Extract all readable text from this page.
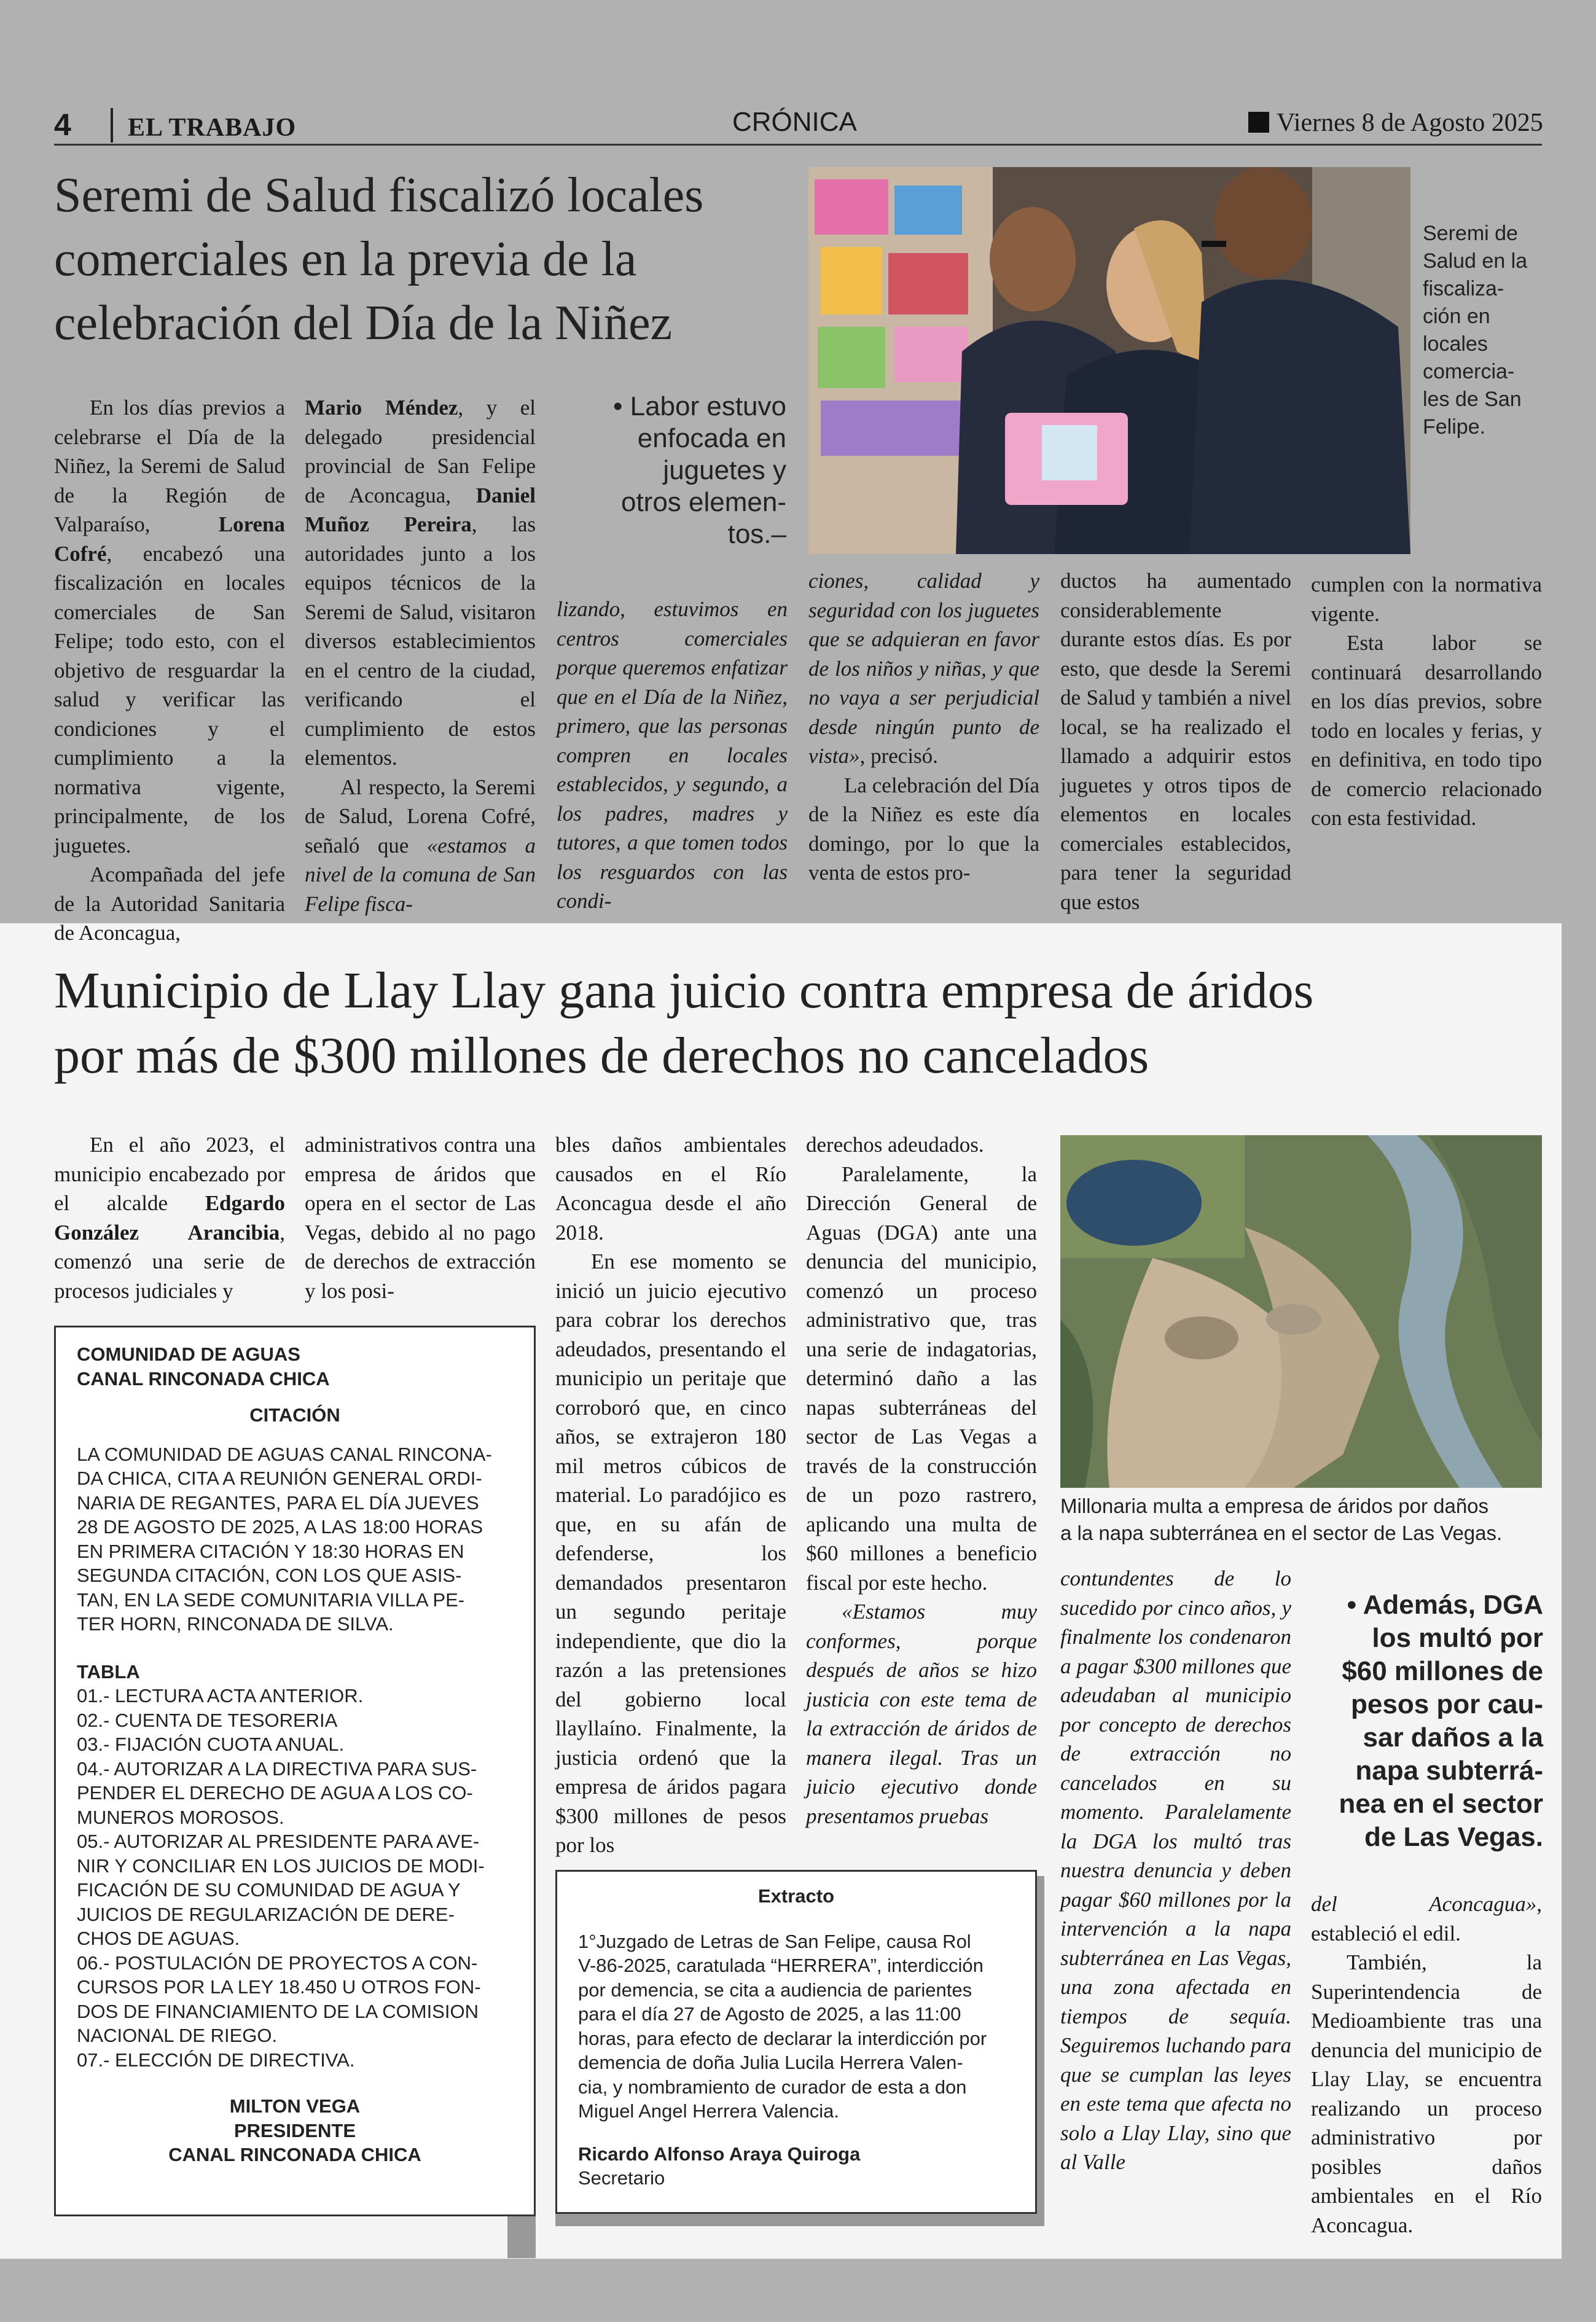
4 EL TRABAJO	CRÓNICA	Viernes 8 de Agosto 2025
Seremi de Salud fiscalizó locales
comerciales en la previa de la
celebración del Día de la Niñez
Seremi de
Salud en la
fiscaliza-
ción en
locales
comercia-
les de San
Felipe.
• Labor estuvo
enfocada en
juguetes y
otros elemen-
tos.–

En los días previos a celebrarse el Día de la Niñez, la Seremi de Salud de la Región de Valparaíso, Lorena Cofré, encabezó una fiscalización en locales comerciales de San Felipe; todo esto, con el objetivo de resguardar la salud y verificar las condiciones y el cumplimiento a la normativa vigente, principalmente, de los juguetes.

Acompañada del jefe de la Autoridad Sanitaria de Aconcagua,

Mario Méndez, y el delegado presidencial provincial de San Felipe de Aconcagua, Daniel Muñoz Pereira, las autoridades junto a los equipos técnicos de la Seremi de Salud, visitaron diversos establecimientos en el centro de la ciudad, verificando el cumplimiento de estos elementos.

Al respecto, la Seremi de Salud, Lorena Cofré, señaló que «estamos a nivel de la comuna de San Felipe fisca-

lizando, estuvimos en centros comerciales porque queremos enfatizar que en el Día de la Niñez, primero, que las personas compren en locales establecidos, y segundo, a los padres, madres y tutores, a que tomen todos los resguardos con las condi-

ciones, calidad y seguridad con los juguetes que se adquieran en favor de los niños y niñas, y que no vaya a ser perjudicial desde ningún punto de vista», precisó.

La celebración del Día de la Niñez es este día domingo, por lo que la venta de estos pro-

ductos ha aumentado considerablemente durante estos días. Es por esto, que desde la Seremi de Salud y también a nivel local, se ha realizado el llamado a adquirir estos juguetes y otros tipos de elementos en locales comerciales establecidos, para tener la seguridad que estos

cumplen con la normativa vigente.

Esta labor se continuará desarrollando en los días previos, sobre todo en locales y ferias, y en definitiva, en todo tipo de comercio relacionado con esta festividad.

Municipio de Llay Llay gana juicio contra empresa de áridos
por más de $300 millones de derechos no cancelados

En el año 2023, el municipio encabezado por el alcalde Edgardo González Arancibia, comenzó una serie de procesos judiciales y

administrativos contra una empresa de áridos que opera en el sector de Las Vegas, debido al no pago de derechos de extracción y los posi-

bles daños ambientales causados en el Río Aconcagua desde el año 2018.

En ese momento se inició un juicio ejecutivo para cobrar los derechos adeudados, presentando el municipio un peritaje que corroboró que, en cinco años, se extrajeron 180 mil metros cúbicos de material. Lo paradójico es que, en su afán de defenderse, los demandados presentaron un segundo peritaje independiente, que dio la razón a las pretensiones del gobierno local llayllaíno. Finalmente, la justicia ordenó que la empresa de áridos pagara $300 millones de pesos por los

derechos adeudados.

Paralelamente, la Dirección General de Aguas (DGA) ante una denuncia del municipio, comenzó un proceso administrativo que, tras una serie de indagatorias, determinó daño a las napas subterráneas del sector de Las Vegas a través de la construcción de un pozo rastrero, aplicando una multa de $60 millones a beneficio fiscal por este hecho.

«Estamos muy conformes, porque después de años se hizo justicia con este tema de la extracción de áridos de manera ilegal. Tras un juicio ejecutivo donde presentamos pruebas

Millonaria multa a empresa de áridos por daños
a la napa subterránea en el sector de Las Vegas.

contundentes de lo sucedido por cinco años, y finalmente los condenaron a pagar $300 millones que adeudaban al municipio por concepto de derechos de extracción no cancelados en su momento. Paralelamente la DGA los multó tras nuestra denuncia y deben pagar $60 millones por la intervención a la napa subterránea en Las Vegas, una zona afectada en tiempos de sequía. Seguiremos luchando para que se cumplan las leyes en este tema que afecta no solo a Llay Llay, sino que al Valle

• Además, DGA
los multó por
$60 millones de
pesos por cau-
sar daños a la
napa subterrá-
nea en el sector
de Las Vegas.

del Aconcagua», estableció el edil.

También, la Superintendencia de Medioambiente tras una denuncia del municipio de Llay Llay, se encuentra realizando un proceso administrativo por posibles daños ambientales en el Río Aconcagua.

COMUNIDAD DE AGUAS
CANAL RINCONADA CHICA
CITACIÓN
LA COMUNIDAD DE AGUAS CANAL RINCONA-
DA CHICA, CITA A REUNIÓN GENERAL ORDI-
NARIA DE REGANTES, PARA EL DÍA JUEVES
28 DE AGOSTO DE 2025, A LAS 18:00 HORAS
EN PRIMERA CITACIÓN Y 18:30 HORAS EN
SEGUNDA CITACIÓN, CON LOS QUE ASIS-
TAN, EN LA SEDE COMUNITARIA VILLA PE-
TER HORN, RINCONADA DE SILVA.
TABLA
01.- LECTURA ACTA ANTERIOR.
02.- CUENTA DE TESORERIA
03.- FIJACIÓN CUOTA ANUAL.
04.- AUTORIZAR A LA DIRECTIVA PARA SUS-
PENDER EL DERECHO DE AGUA A LOS CO-
MUNEROS MOROSOS.
05.- AUTORIZAR AL PRESIDENTE PARA AVE-
NIR Y CONCILIAR EN LOS JUICIOS DE MODI-
FICACIÓN DE SU COMUNIDAD DE AGUA Y
JUICIOS DE REGULARIZACIÓN DE DERE-
CHOS DE AGUAS.
06.- POSTULACIÓN DE PROYECTOS A CON-
CURSOS POR LA LEY 18.450 U OTROS FON-
DOS DE FINANCIAMIENTO DE LA COMISION
NACIONAL DE RIEGO.
07.- ELECCIÓN DE DIRECTIVA.
MILTON VEGA
PRESIDENTE
CANAL RINCONADA CHICA
Extracto
1°Juzgado de Letras de San Felipe, causa Rol
V-86-2025, caratulada “HERRERA”, interdicción
por demencia, se cita a audiencia de parientes
para el día 27 de Agosto de 2025, a las 11:00
horas, para efecto de declarar la interdicción por
demencia de doña Julia Lucila Herrera Valen-
cia, y nombramiento de curador de esta a don
Miguel Angel Herrera Valencia.
Ricardo Alfonso Araya Quiroga
Secretario
